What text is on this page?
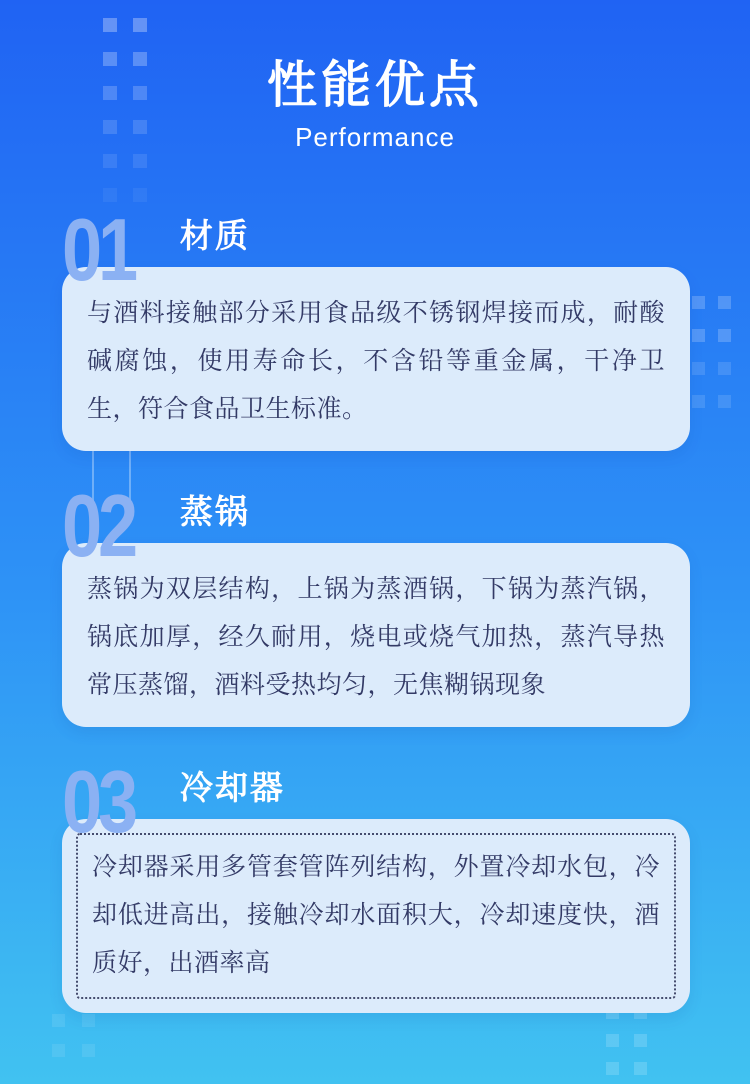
性能优点
Performance
01 材质

与酒料接触部分采用食品级不锈钢焊接而成，耐酸碱腐蚀，使用寿命长，不含铅等重金属，干净卫生，符合食品卫生标准。

02 蒸锅

蒸锅为双层结构，上锅为蒸酒锅，下锅为蒸汽锅，锅底加厚，经久耐用，烧电或烧气加热，蒸汽导热常压蒸馏，酒料受热均匀，无焦糊锅现象

03 冷却器

冷却器采用多管套管阵列结构，外置冷却水包，冷却低进高出，接触冷却水面积大，冷却速度快，酒质好，出酒率高
